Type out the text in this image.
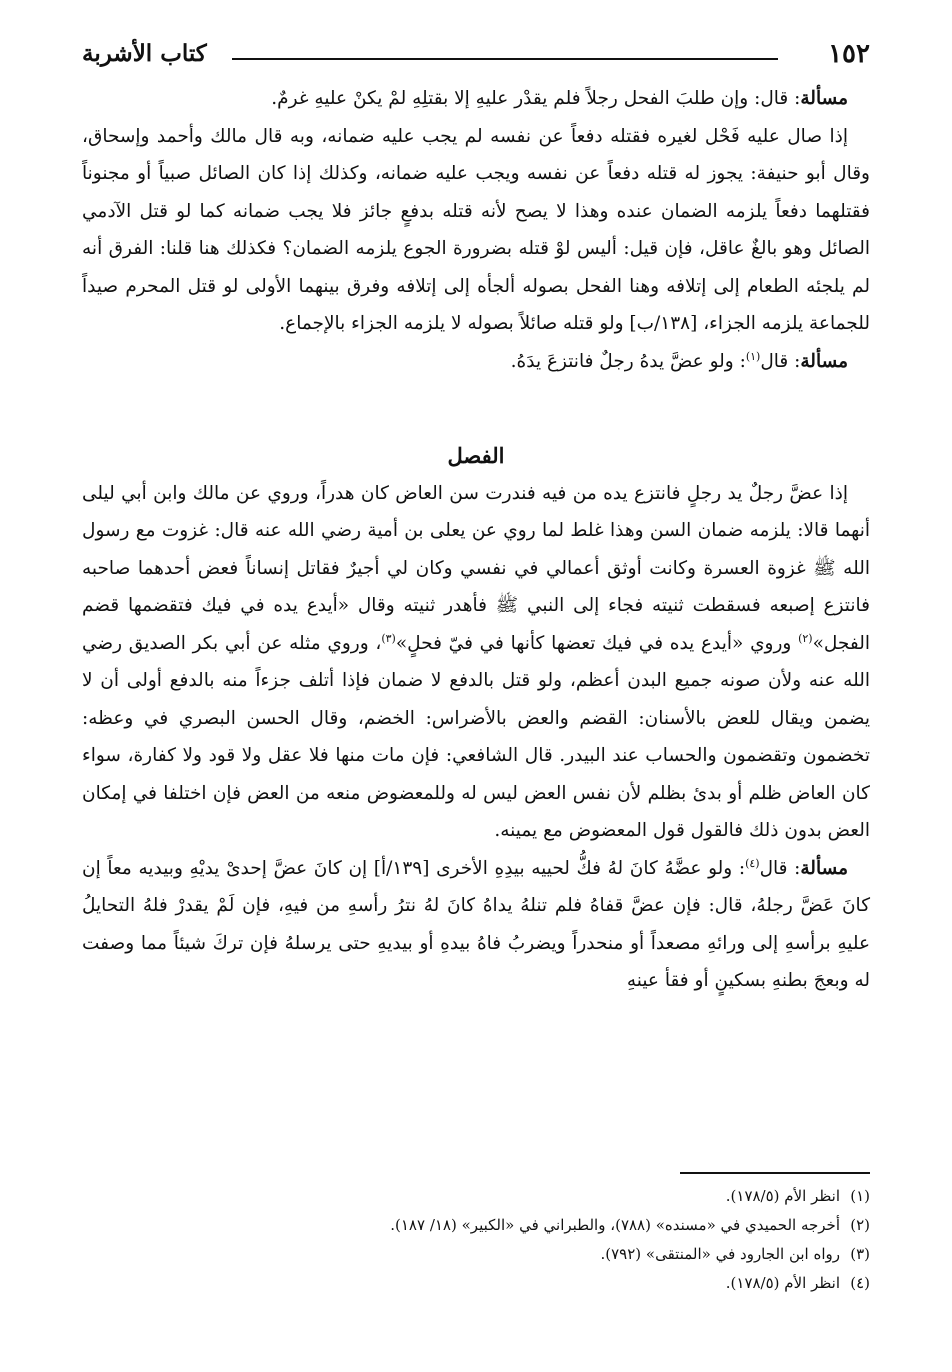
١٥٢
كتاب الأشربة

مسألة: قال: وإن طلبَ الفحل رجلاً فلم يقدْر عليهِ إلا بقتلِهِ لمْ يكنْ عليهِ غرمٌ.

إذا صال عليه فَحْل لغيره فقتله دفعاً عن نفسه لم يجب عليه ضمانه، وبه قال مالك وأحمد وإسحاق، وقال أبو حنيفة: يجوز له قتله دفعاً عن نفسه ويجب عليه ضمانه، وكذلك إذا كان الصائل صبياً أو مجنوناً فقتلهما دفعاً يلزمه الضمان عنده وهذا لا يصح لأنه قتله بدفعٍ جائز فلا يجب ضمانه كما لو قتل الآدمي الصائل وهو بالغٌ عاقل، فإن قيل: أليس لوْ قتله بضرورة الجوع يلزمه الضمان؟ فكذلك هنا قلنا: الفرق أنه لم يلجئه الطعام إلى إتلافه وهنا الفحل بصوله ألجأه إلى إتلافه وفرق بينهما الأولى لو قتل المحرم صيداً للجماعة يلزمه الجزاء، [١٣٨/ب] ولو قتله صائلاً بصوله لا يلزمه الجزاء بالإجماع.

مسألة: قال$^{(١)}$: ولو عضَّ يدهُ رجلٌ فانتزعَ يدَهُ.

الفصل

إذا عضَّ رجلٌ يد رجلٍ فانتزع يده من فيه فندرت سن العاض كان هدراً، وروي عن مالك وابن أبي ليلى أنهما قالا: يلزمه ضمان السن وهذا غلط لما روي عن يعلى بن أمية رضي الله عنه قال: غزوت مع رسول الله ﷺ غزوة العسرة وكانت أوثق أعمالي في نفسي وكان لي أجيرٌ فقاتل إنساناً فعض أحدهما صاحبه فانتزع إصبعه فسقطت ثنيته فجاء إلى النبي ﷺ فأهدر ثنيته وقال «أيدع يده في فيك فتقضمها قضم الفجل»$^{(٢)}$ وروي «أيدع يده في فيك تعضها كأنها في فيّ فحلٍ»$^{(٣)}$، وروي مثله عن أبي بكر الصديق رضي الله عنه ولأن صونه جميع البدن أعظم، ولو قتل بالدفع لا ضمان فإذا أتلف جزءاً منه بالدفع أولى أن لا يضمن ويقال للعض بالأسنان: القضم والعض بالأضراس: الخضم، وقال الحسن البصري في وعظه: تخضمون وتقضمون والحساب عند البيدر. قال الشافعي: فإن مات منها فلا عقل ولا قود ولا كفارة، سواء كان العاض ظلم أو بدئ بظلم لأن نفس العض ليس له وللمعضوض منعه من العض فإن اختلفا في إمكان العض بدون ذلك فالقول قول المعضوض مع يمينه.

مسألة: قال$^{(٤)}$: ولو عضَّهُ كانَ لهُ فكُّ لحييه بيدِهِ الأخرى [١٣٩/أ] إن كانَ عضَّ إحدىْ يديْهِ وبيديه معاً إن كانَ عَضَّ رجلهُ، قال: فإن عضَّ قفاهُ فلم تنلهُ يداهُ كانَ لهُ نترُ رأسهِ من فيهِ، فإن لَمْ يقدرْ فلهُ التحايلُ عليهِ برأسهِ إلى ورائهِ مصعداً أو منحدراً ويضربُ فاهُ بيدهِ أو بيديهِ حتى يرسلهُ فإن تركَ شيئاً مما وصفت له وبعجَ بطنهِ بسكينٍ أو فقأ عينهِ

(١)انظر الأم (١٧٨/٥).

(٢)أخرجه الحميدي في «مسنده» (٧٨٨)، والطبراني في «الكبير» (١٨/ ١٨٧).

(٣)رواه ابن الجارود في «المنتقى» (٧٩٢).

(٤)انظر الأم (١٧٨/٥).
